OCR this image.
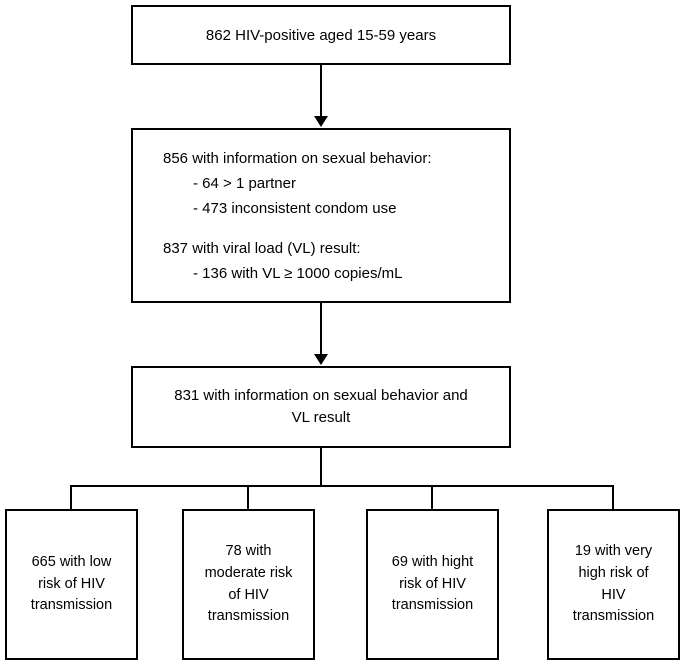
862 HIV-positive aged 15-59 years
856 with information on sexual behavior:
- 64 > 1 partner
- 473 inconsistent condom use
837 with viral load (VL) result:
- 136 with VL ≥ 1000 copies/mL
831 with information on sexual behavior and
VL result
665 with low
risk of HIV
transmission
78 with
moderate risk
of HIV
transmission
69 with hight
risk of HIV
transmission
19 with very
high risk of
HIV
transmission
